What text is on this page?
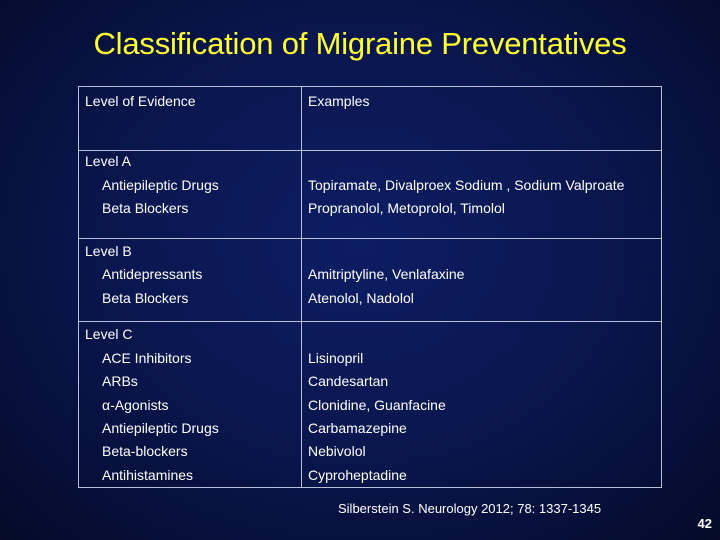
Classification of Migraine Preventatives
Level of Evidence	Examples
Level A
Antiepileptic Drugs	Topiramate, Divalproex Sodium , Sodium Valproate
Beta Blockers	Propranolol, Metoprolol, Timolol
Level B
Antidepressants	Amitriptyline, Venlafaxine
Beta Blockers	Atenolol, Nadolol
Level C
ACE Inhibitors	Lisinopril
ARBs	Candesartan
α-Agonists	Clonidine, Guanfacine
Antiepileptic Drugs	Carbamazepine
Beta-blockers	Nebivolol
Antihistamines	Cyproheptadine
Silberstein S. Neurology 2012; 78: 1337-1345
42
